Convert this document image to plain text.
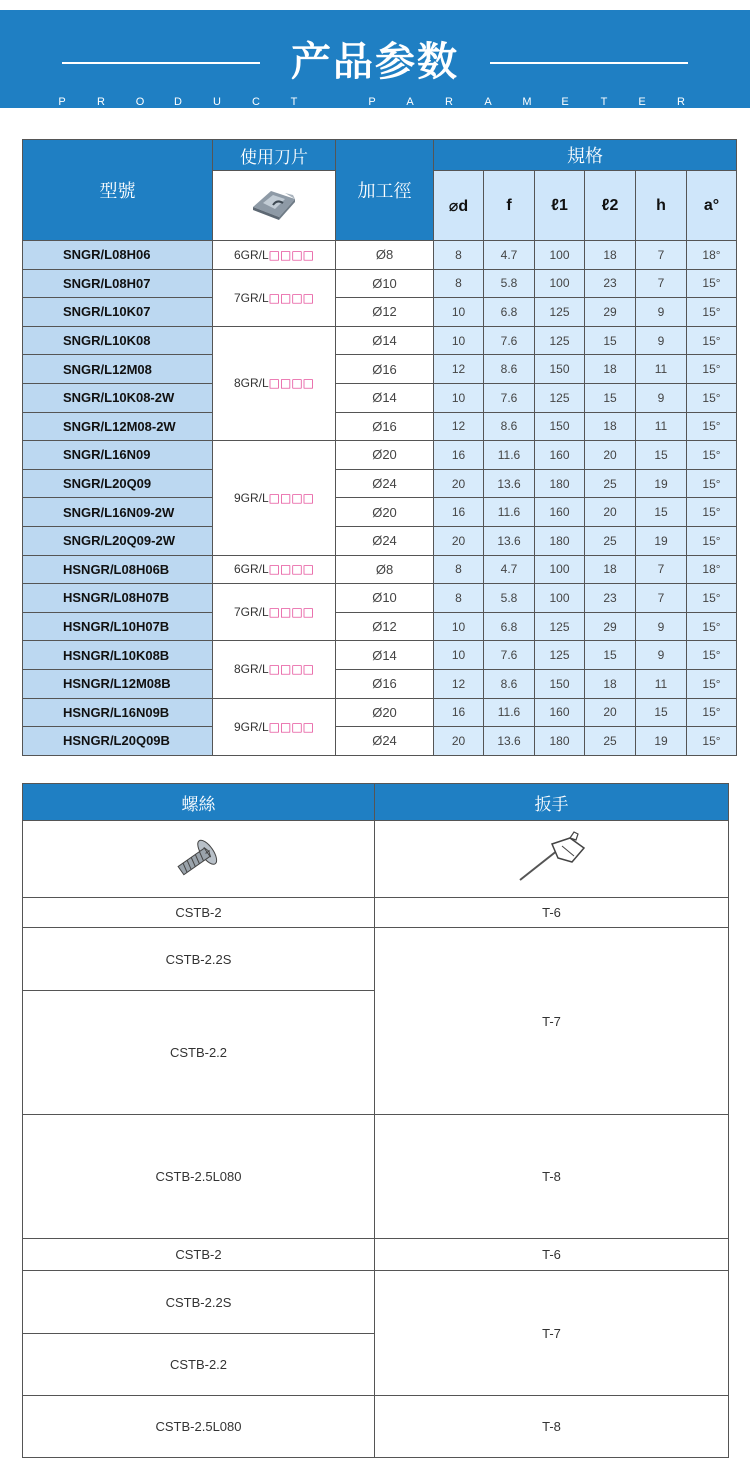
产品参数
P	R	O	D	U	C	T	P	A	R	A	M	E	T	E	R
型號	使用刀片	加工徑	規格					
	⌀d	f	ℓ1	ℓ2	h	a°
SNGR/L08H06	6GR/L□□□□	Ø8	8	4.7	100	18	7	18°
SNGR/L08H07	7GR/L□□□□	Ø10	8	5.8	100	23	7	15°
SNGR/L10K07		Ø12	10	6.8	125	29	9	15°
SNGR/L10K08	8GR/L□□□□	Ø14	10	7.6	125	15	9	15°
SNGR/L12M08		Ø16	12	8.6	150	18	11	15°
SNGR/L10K08-2W		Ø14	10	7.6	125	15	9	15°
SNGR/L12M08-2W		Ø16	12	8.6	150	18	11	15°
SNGR/L16N09	9GR/L□□□□	Ø20	16	11.6	160	20	15	15°
SNGR/L20Q09		Ø24	20	13.6	180	25	19	15°
SNGR/L16N09-2W		Ø20	16	11.6	160	20	15	15°
SNGR/L20Q09-2W		Ø24	20	13.6	180	25	19	15°
HSNGR/L08H06B	6GR/L□□□□	Ø8	8	4.7	100	18	7	18°
HSNGR/L08H07B	7GR/L□□□□	Ø10	8	5.8	100	23	7	15°
HSNGR/L10H07B		Ø12	10	6.8	125	29	9	15°
HSNGR/L10K08B	8GR/L□□□□	Ø14	10	7.6	125	15	9	15°
HSNGR/L12M08B		Ø16	12	8.6	150	18	11	15°
HSNGR/L16N09B	9GR/L□□□□	Ø20	16	11.6	160	20	15	15°
HSNGR/L20Q09B		Ø24	20	13.6	180	25	19	15°
螺絲	扳手

CSTB-2	T-6
CSTB-2.2S	T-7
CSTB-2.2	
CSTB-2.5L080	T-8
CSTB-2	T-6
CSTB-2.2S	T-7
CSTB-2.2	
CSTB-2.5L080	T-8
